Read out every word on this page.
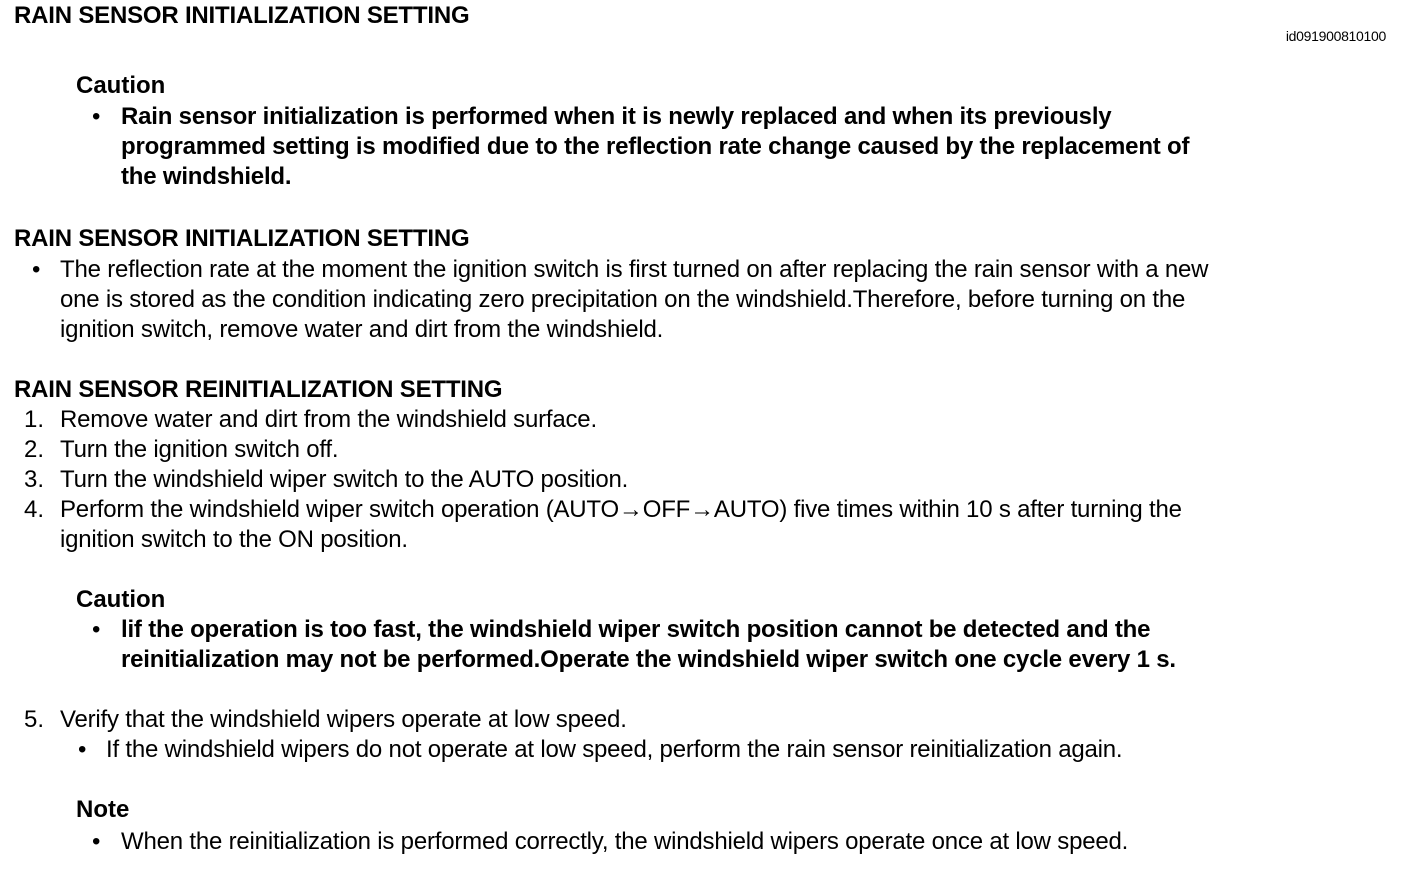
RAIN SENSOR INITIALIZATION SETTING
id091900810100
Caution
• Rain sensor initialization is performed when it is newly replaced and when its previously
programmed setting is modified due to the reflection rate change caused by the replacement of
the windshield.
RAIN SENSOR INITIALIZATION SETTING
• The reflection rate at the moment the ignition switch is first turned on after replacing the rain sensor with a new
one is stored as the condition indicating zero precipitation on the windshield.Therefore, before turning on the
ignition switch, remove water and dirt from the windshield.
RAIN SENSOR REINITIALIZATION SETTING
1. Remove water and dirt from the windshield surface.
2. Turn the ignition switch off.
3. Turn the windshield wiper switch to the AUTO position.
4. Perform the windshield wiper switch operation (AUTO→OFF→AUTO) five times within 10 s after turning the
ignition switch to the ON position.
Caution
• lif the operation is too fast, the windshield wiper switch position cannot be detected and the
reinitialization may not be performed.Operate the windshield wiper switch one cycle every 1 s.
5. Verify that the windshield wipers operate at low speed.
• If the windshield wipers do not operate at low speed, perform the rain sensor reinitialization again.
Note
• When the reinitialization is performed correctly, the windshield wipers operate once at low speed.
